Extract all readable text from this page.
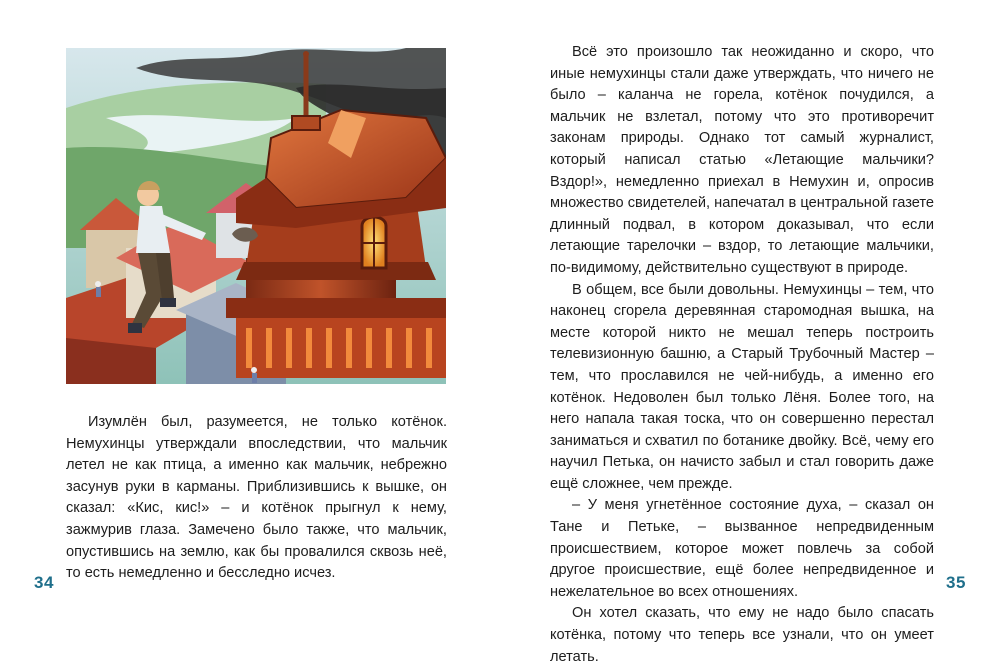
Изумлён был, разумеется, не только котёнок. Немухинцы утверждали впоследствии, что мальчик летел не как птица, а именно как мальчик, небрежно засунув руки в карманы. Приблизившись к вышке, он сказал: «Кис, кис!» – и котёнок прыгнул к нему, зажмурив глаза. Замечено было также, что мальчик, опустившись на землю, как бы провалился сквозь неё, то есть немедленно и бесследно исчез.

34

Всё это произошло так неожиданно и скоро, что иные немухинцы стали даже утверждать, что ничего не было – каланча не горела, котёнок почудился, а мальчик не взлетал, потому что это противоречит законам природы. Однако тот самый журналист, который написал статью «Летающие мальчики? Вздор!», немедленно приехал в Немухин и, опросив множество свидетелей, напечатал в центральной газете длинный подвал, в котором доказывал, что если летающие тарелочки – вздор, то летающие мальчики, по-видимому, действительно существуют в природе.

В общем, все были довольны. Немухинцы – тем, что наконец сгорела деревянная старомодная вышка, на месте которой никто не мешал теперь построить телевизионную башню, а Старый Трубочный Мастер – тем, что прославился не чей-нибудь, а именно его котёнок. Недоволен был только Лёня. Более того, на него напала такая тоска, что он совершенно перестал заниматься и схватил по ботанике двойку. Всё, чему его научил Петька, он начисто забыл и стал говорить даже ещё сложнее, чем прежде.

– У меня угнетённое состояние духа, – сказал он Тане и Петьке, – вызванное непредвиденным происшествием, которое может повлечь за собой другое происшествие, ещё более непредвиденное и нежелательное во всех отношениях.

Он хотел сказать, что ему не надо было спасать котёнка, потому что теперь все узнали, что он умеет летать.

35
